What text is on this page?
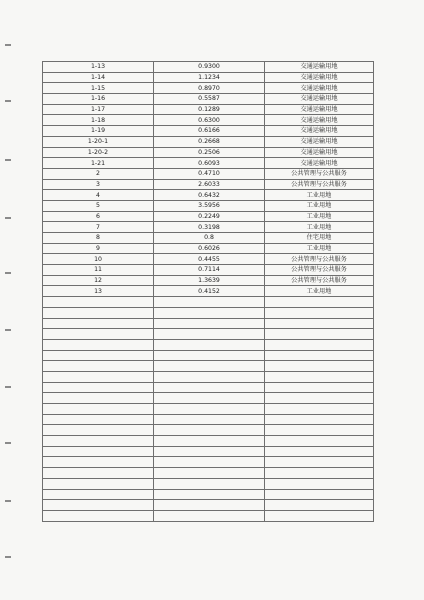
1-13	0.9300	交通运输用地
1-14	1.1234	交通运输用地
1-15	0.8970	交通运输用地
1-16	0.5587	交通运输用地
1-17	0.1289	交通运输用地
1-18	0.6300	交通运输用地
1-19	0.6166	交通运输用地
1-20-1	0.2668	交通运输用地
1-20-2	0.2506	交通运输用地
1-21	0.6093	交通运输用地
2	0.4710	公共管理与公共服务
3	2.6033	公共管理与公共服务
4	0.6432	工业用地
5	3.5956	工业用地
6	0.2249	工业用地
7	0.3198	工业用地
8	0.8	住宅用地
9	0.6026	工业用地
10	0.4455	公共管理与公共服务
11	0.7114	公共管理与公共服务
12	1.3639	公共管理与公共服务
13	0.4152	工业用地
